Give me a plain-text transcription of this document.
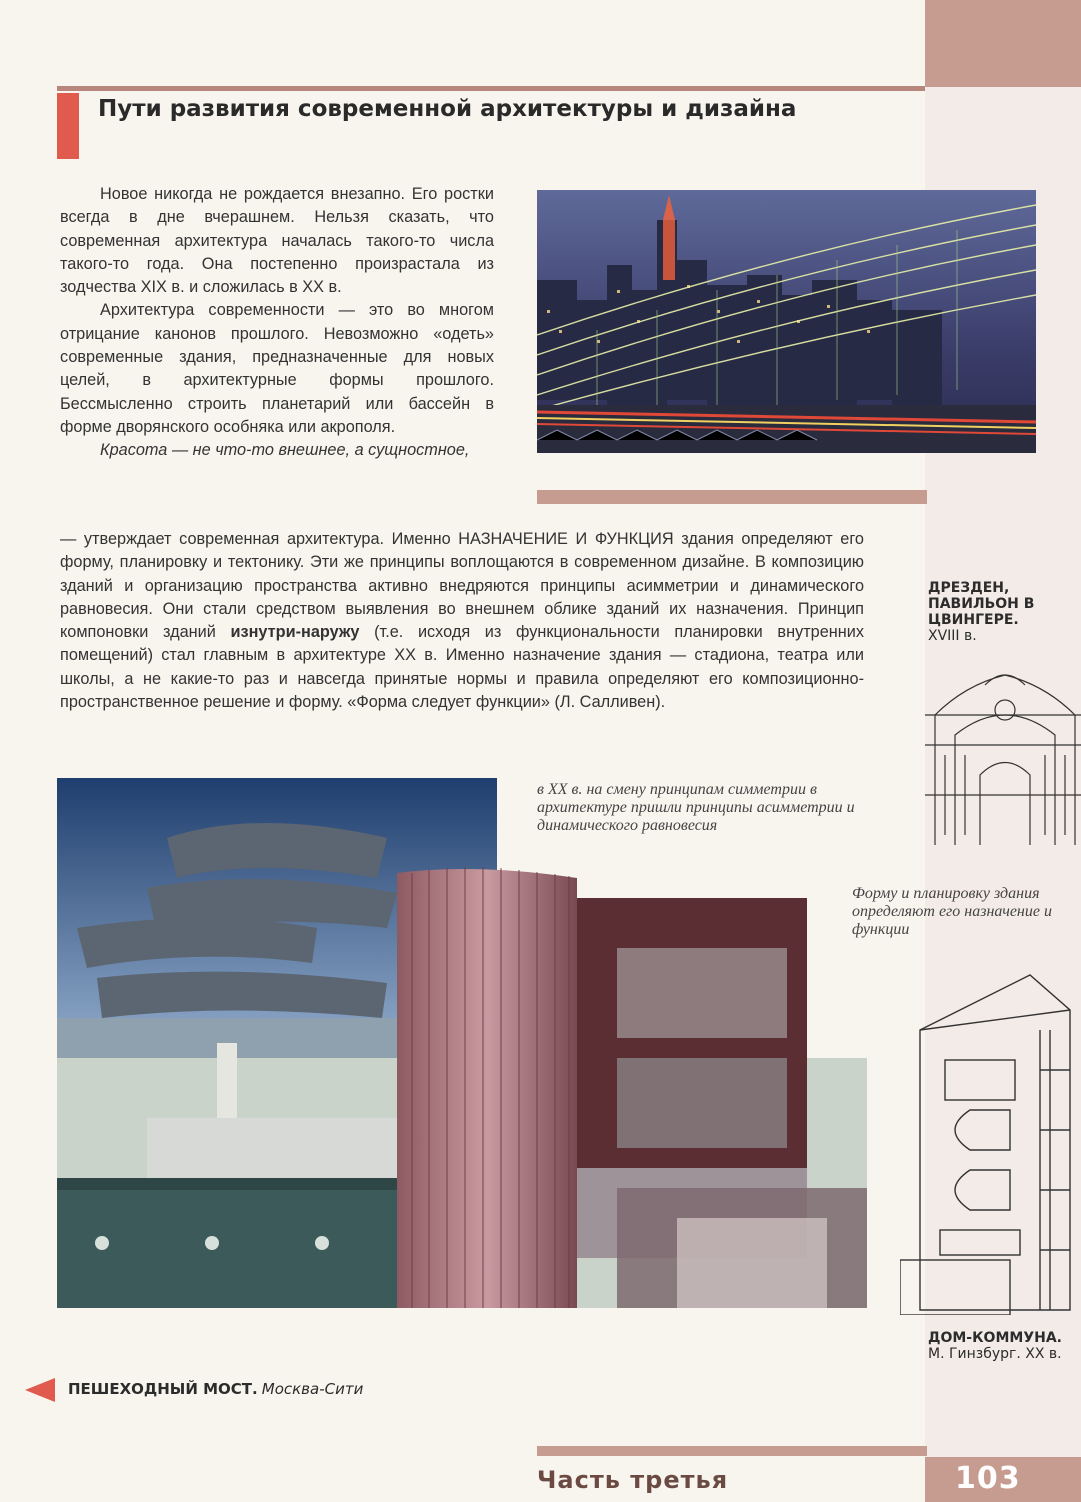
Пути развития современной архитектуры и дизайна

Новое никогда не рождается внезапно. Его ростки всегда в дне вчерашнем. Нельзя сказать, что современная архитектура началась такого-то числа такого-то года. Она постепенно произрастала из зодчества XIX в. и сложилась в XX в.

Архитектура современности — это во многом отрицание канонов прошлого. Невозможно «одеть» современные здания, предназначенные для новых целей, в архитектурные формы прошлого. Бессмысленно строить планетарий или бассейн в форме дворянского особняка или акрополя.

Красота — не что-то внешнее, а сущностное,

— утверждает современная архитектура. Именно НАЗНАЧЕНИЕ И ФУНКЦИЯ здания определяют его форму, планировку и тектонику. Эти же принципы воплощаются в современном дизайне. В композицию зданий и организацию пространства активно внедряются принципы асимметрии и динамического равновесия. Они стали средством выявления во внешнем облике зданий их назначения. Принцип компоновки зданий изнутри-наружу (т.е. исходя из функциональности планировки внутренних помещений) стал главным в архитектуре XX в. Именно назначение здания — стадиона, театра или школы, а не какие-то раз и навсегда принятые нормы и правила определяют его композиционно-пространственное решение и форму. «Форма следует функции» (Л. Салливен).

в XX в. на смену принципам симметрии в архитектуре пришли принципы асимметрии и динамического равновесия
Форму и планировку здания определяют его назначение и функции
ДРЕЗДЕН, ПАВИЛЬОН В ЦВИНГЕРЕ.
XVIII в.
ДОМ-КОММУНА.
М. Гинзбург. XX в.
ПЕШЕХОДНЫЙ МОСТ. Москва-Сити
Часть третья	103
